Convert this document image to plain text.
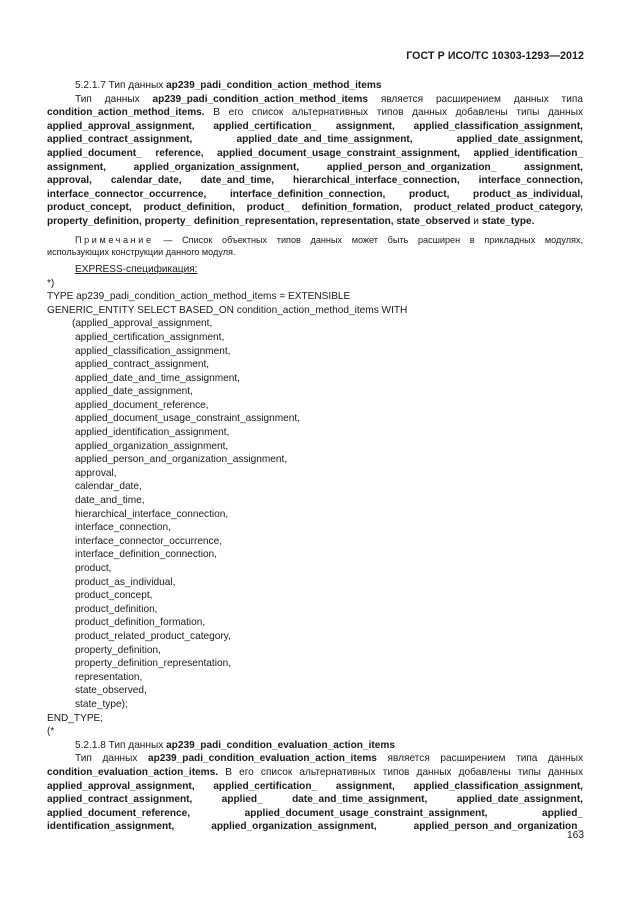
ГОСТ Р ИСО/ТС 10303-1293—2012

5.2.1.7 Тип данных ap239_padi_condition_action_method_items

Тип данных ap239_padi_condition_action_method_items является расширением данных типа

condition_action_method_items. В его список альтернативных типов данных добавлены типы данных

applied_approval_assignment, applied_certification_ assignment, applied_classification_assignment,

applied_contract_assignment, applied_date_and_time_assignment, applied_date_assignment,

applied_document_ reference, applied_document_usage_constraint_assignment, applied_identification_

assignment, applied_organization_assignment, applied_person_and_organization_ assignment,

approval, calendar_date, date_and_time, hierarchical_interface_connection, interface_connection,

interface_connector_occurrence, interface_definition_connection, product, product_as_individual,

product_concept, product_definition, product_ definition_formation, product_related_product_category,

property_definition, property_ definition_representation, representation, state_observed и state_type.

Примечание — Список объектных типов данных может быть расширен в прикладных модулях,

использующих конструкции данного модуля.

EXPRESS-спецификация:

*)
TYPE ap239_padi_condition_action_method_items = EXTENSIBLE
GENERIC_ENTITY SELECT BASED_ON condition_action_method_items WITH
(applied_approval_assignment,
applied_certification_assignment,
applied_classification_assignment,
applied_contract_assignment,
applied_date_and_time_assignment,
applied_date_assignment,
applied_document_reference,
applied_document_usage_constraint_assignment,
applied_identification_assignment,
applied_organization_assignment,
applied_person_and_organization_assignment,
approval,
calendar_date,
date_and_time,
hierarchical_interface_connection,
interface_connection,
interface_connector_occurrence,
interface_definition_connection,
product,
product_as_individual,
product_concept,
product_definition,
product_definition_formation,
product_related_product_category,
property_definition,
property_definition_representation,
representation,
state_observed,
state_type);
END_TYPE;
(*

5.2.1.8 Тип данных ap239_padi_condition_evaluation_action_items

Тип данных ap239_padi_condition_evaluation_action_items является расширением типа данных

condition_evaluation_action_items. В его список альтернативных типов данных добавлены типы данных

applied_approval_assignment, applied_certification_ assignment, applied_classification_assignment,

applied_contract_assignment, applied_ date_and_time_assignment, applied_date_assignment,

applied_document_reference, applied_document_usage_constraint_assignment, applied_

identification_assignment, applied_organization_assignment, applied_person_and_organization_

163
